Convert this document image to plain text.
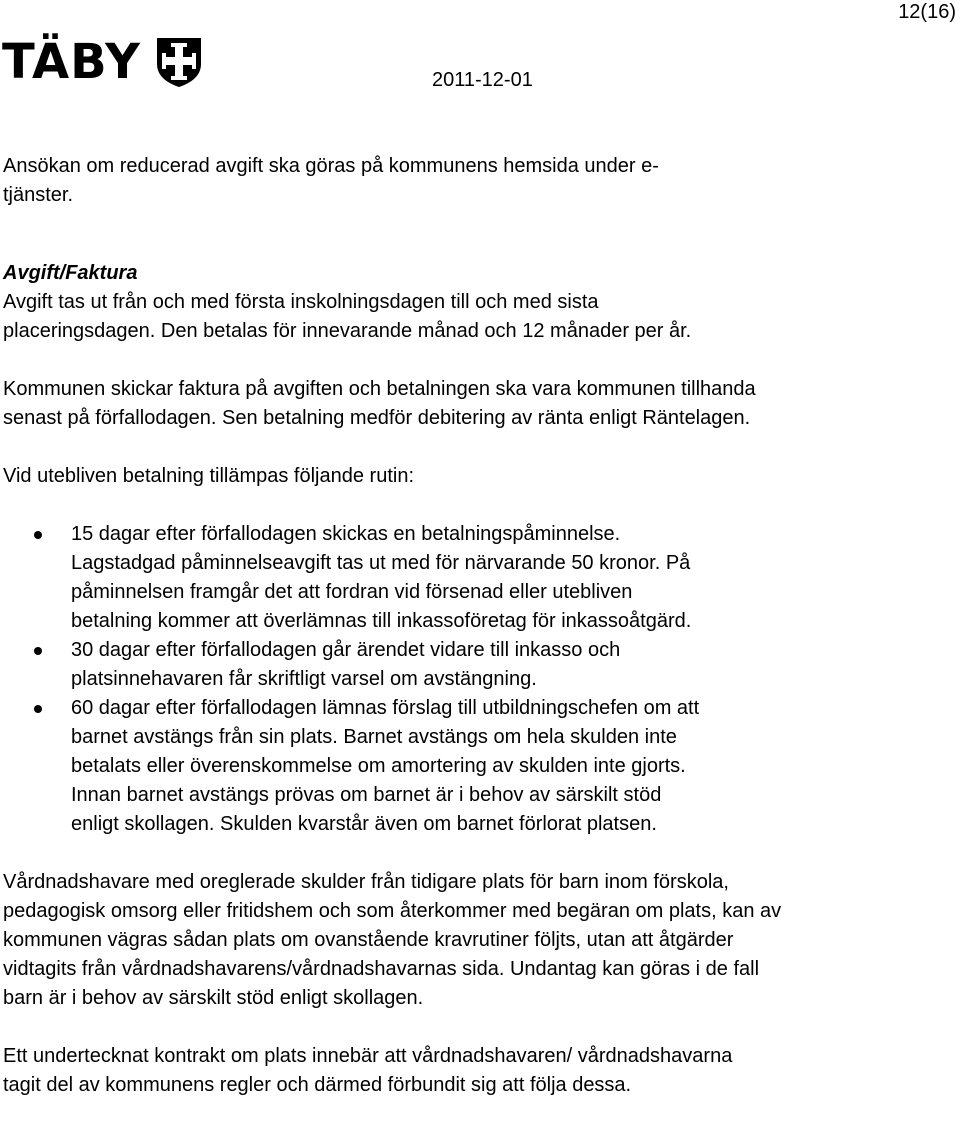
12(16)
TÄBY	2011-12-01

Ansökan om reducerad avgift ska göras på kommunens hemsida under e-tjänster.

Avgift/Faktura

Avgift tas ut från och med första inskolningsdagen till och med sista placeringsdagen. Den betalas för innevarande månad och 12 månader per år.

Kommunen skickar faktura på avgiften och betalningen ska vara kommunen tillhanda senast på förfallodagen. Sen betalning medför debitering av ränta enligt Räntelagen.

Vid utebliven betalning tillämpas följande rutin:

15 dagar efter förfallodagen skickas en betalningspåminnelse. Lagstadgad påminnelseavgift tas ut med för närvarande 50 kronor. På påminnelsen framgår det att fordran vid försenad eller utebliven betalning kommer att överlämnas till inkassoföretag för inkassoåtgärd.
30 dagar efter förfallodagen går ärendet vidare till inkasso och platsinnehavaren får skriftligt varsel om avstängning.
60 dagar efter förfallodagen lämnas förslag till utbildningschefen om att barnet avstängs från sin plats. Barnet avstängs om hela skulden inte betalats eller överenskommelse om amortering av skulden inte gjorts. Innan barnet avstängs prövas om barnet är i behov av särskilt stöd enligt skollagen. Skulden kvarstår även om barnet förlorat platsen.

Vårdnadshavare med oreglerade skulder från tidigare plats för barn inom förskola, pedagogisk omsorg eller fritidshem och som återkommer med begäran om plats, kan av kommunen vägras sådan plats om ovanstående kravrutiner följts, utan att åtgärder vidtagits från vårdnadshavarens/vårdnadshavarnas sida. Undantag kan göras i de fall barn är i behov av särskilt stöd enligt skollagen.

Ett undertecknat kontrakt om plats innebär att vårdnadshavaren/ vårdnadshavarna tagit del av kommunens regler och därmed förbundit sig att följa dessa.
